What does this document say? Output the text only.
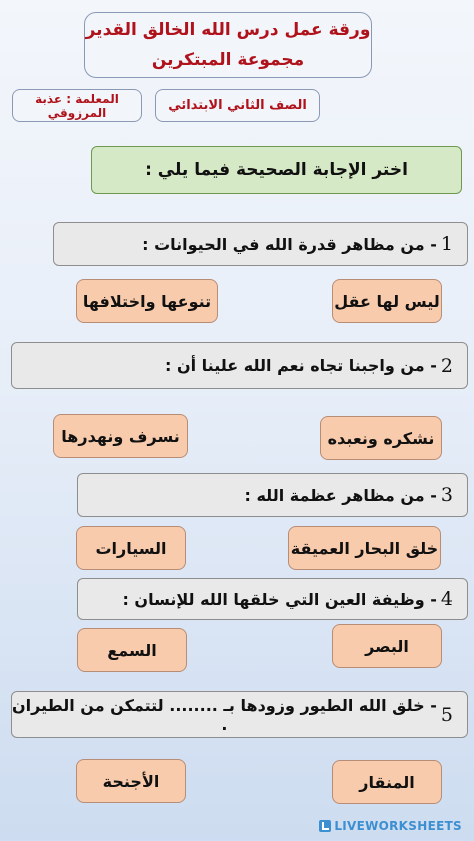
ورقة عمل درس الله الخالق القدير
مجموعة المبتكرين
الصف الثاني الابتدائي
المعلمة : عذبة المرزوقي
اختر الإجابة الصحيحة فيما يلي :
1
- من مظاهر قدرة الله في الحيوانات :
ليس لها عقل
تنوعها واختلافها
2
- من واجبنا تجاه نعم الله علينا أن :
نشكره ونعبده
نسرف ونهدرها
3
- من مظاهر عظمة الله :
خلق البحار العميقة
السيارات
4
- وظيفة العين التي خلقها الله للإنسان :
البصر
السمع
5
- خلق الله الطيور وزودها بـ ........ لتتمكن من الطيران .
المنقار
الأجنحة
LIVEWORKSHEETS
